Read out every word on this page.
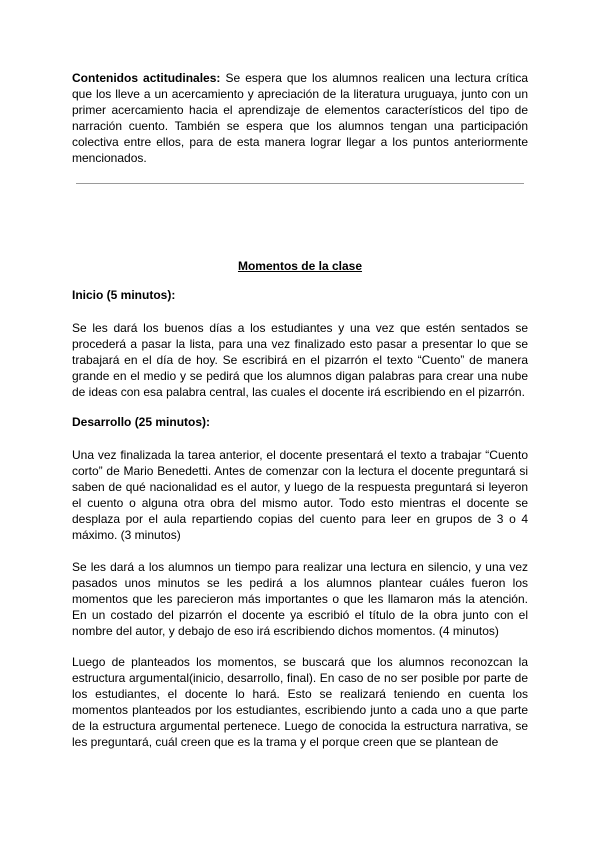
Contenidos actitudinales: Se espera que los alumnos realicen una lectura crítica que los lleve a un acercamiento y apreciación de la literatura uruguaya, junto con un primer acercamiento hacia el aprendizaje de elementos característicos del tipo de narración cuento. También se espera que los alumnos tengan una participación colectiva entre ellos, para de esta manera lograr llegar a los puntos anteriormente mencionados.

Momentos de la clase
Inicio (5 minutos):

Se les dará los buenos días a los estudiantes y una vez que estén sentados se procederá a pasar la lista, para una vez finalizado esto pasar a presentar lo que se trabajará en el día de hoy. Se escribirá en el pizarrón el texto “Cuento” de manera grande en el medio y se pedirá que los alumnos digan palabras para crear una nube de ideas con esa palabra central, las cuales el docente irá escribiendo en el pizarrón.

Desarrollo (25 minutos):

Una vez finalizada la tarea anterior, el docente presentará el texto a trabajar “Cuento corto” de Mario Benedetti. Antes de comenzar con la lectura el docente preguntará si saben de qué nacionalidad es el autor, y luego de la respuesta preguntará si leyeron el cuento o alguna otra obra del mismo autor. Todo esto mientras el docente se desplaza por el aula repartiendo copias del cuento para leer en grupos de 3 o 4 máximo. (3 minutos)

Se les dará a los alumnos un tiempo para realizar una lectura en silencio, y una vez pasados unos minutos se les pedirá a los alumnos plantear cuáles fueron los momentos que les parecieron más importantes o que les llamaron más la atención. En un costado del pizarrón el docente ya escribió el título de la obra junto con el nombre del autor, y debajo de eso irá escribiendo dichos momentos. (4 minutos)

Luego de planteados los momentos, se buscará que los alumnos reconozcan la estructura argumental(inicio, desarrollo, final). En caso de no ser posible por parte de los estudiantes, el docente lo hará. Esto se realizará teniendo en cuenta los momentos planteados por los estudiantes, escribiendo junto a cada uno a que parte de la estructura argumental pertenece. Luego de conocida la estructura narrativa, se les preguntará, cuál creen que es la trama y el porque creen que se plantean de
